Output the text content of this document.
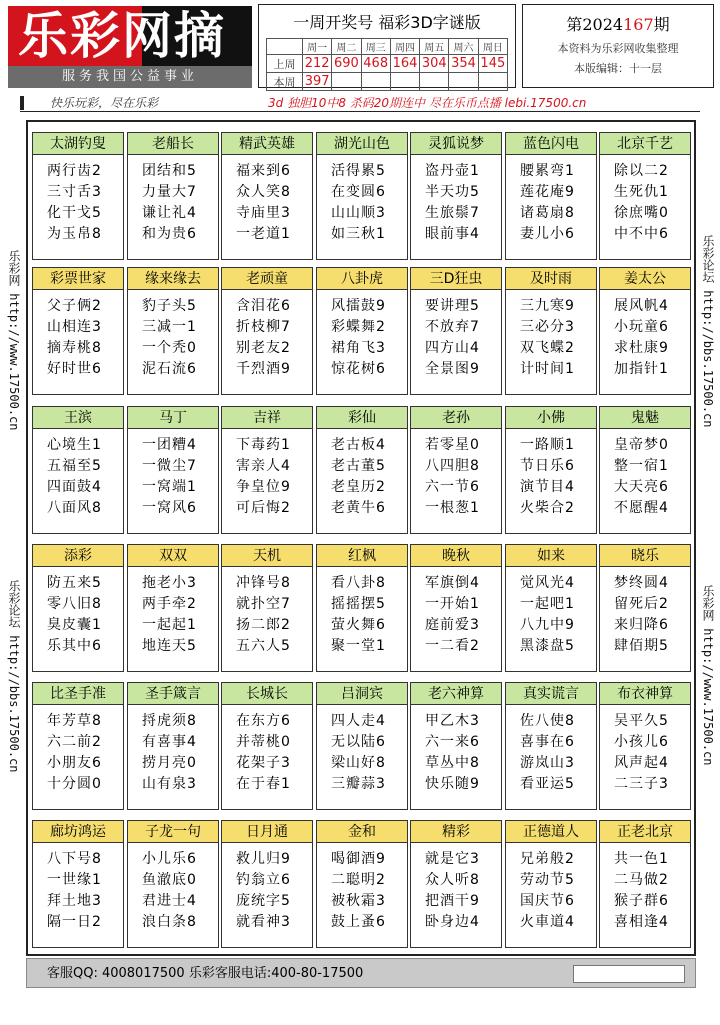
乐彩网摘
服务我国公益事业
一周开奖号 福彩3D字谜版
	周一	周二	周三	周四	周五	周六	周日
上周	212	690	468	164	304	354	145
本周	397						
第2024167期
本资料为乐彩网收集整理
本版编辑：十一层
快乐玩彩，尽在乐彩	3d 独胆10中8 杀码20期连中 尽在乐币点播 lebi.17500.cn
乐彩网 http://www.17500.cn
乐彩论坛 http://bbs.17500.cn
乐彩论坛 http://bbs.17500.cn
乐彩网 http://www.17500.cn
太湖钓叟
两行齿2
三寸舌3
化干戈5
为玉帛8
老船长
团结和5
力量大7
谦让礼4
和为贵6
精武英雄
福来到6
众人笑8
寺庙里3
一老道1
湖光山色
活得累5
在变圆6
山山顺3
如三秋1
灵狐说梦
盗丹壶1
半天功5
生旅鬃7
眼前事4
蓝色闪电
腰累弯1
莲花庵9
诸葛扇8
妻儿小6
北京千艺
除以二2
生死仇1
徐庶嘴0
中不中6
彩票世家
父子俩2
山相连3
摘寿桃8
好时世6
缘来缘去
豹子头5
三减一1
一个秃0
泥石流6
老顽童
含泪花6
折枝柳7
别老友2
千烈酒9
八卦虎
风擂鼓9
彩蝶舞2
裙角飞3
惊花树6
三D狂虫
要讲理5
不放弃7
四方山4
全景图9
及时雨
三九寒9
三必分3
双飞蝶2
计时间1
姜太公
展风帆4
小玩童6
求杜康9
加指针1
王滨
心境生1
五福至5
四面鼓4
八面风8
马丁
一团糟4
一微尘7
一窝端1
一窝风6
吉祥
下毒药1
害亲人4
争皇位9
可后悔2
彩仙
老古板4
老古董5
老皇历2
老黄牛6
老孙
若零星0
八四胆8
六一节6
一根葱1
小佛
一路顺1
节日乐6
演节目4
火柴合2
鬼魅
皇帝梦0
整一宿1
大天亮6
不愿醒4
添彩
防五来5
零八旧8
臭皮囊1
乐其中6
双双
拖老小3
两手牵2
一起起1
地连天5
天机
冲锋号8
就扑空7
扬二郎2
五六人5
红枫
看八卦8
摇摇摆5
萤火舞6
聚一堂1
晚秋
军旗倒4
一开始1
庭前爱3
一二看2
如来
觉风光4
一起吧1
八九中9
黑漆盘5
晓乐
梦终圆4
留死后2
来归降6
肆佰期5
比圣手准
年芳草8
六二前2
小朋友6
十分圆0
圣手箴言
捋虎须8
有喜事4
捞月亮0
山有泉3
长城长
在东方6
并蒂桃0
花架子3
在于春1
吕洞宾
四人走4
无以陆6
梁山好8
三瓣蒜3
老六神算
甲乙木3
六一来6
草丛中8
快乐随9
真实谎言
佐八使8
喜事在6
游岚山3
看亚运5
布衣神算
吴平久5
小孩儿6
风声起4
二三子3
廊坊鸿运
八下号8
一世缘1
拜土地3
隔一日2
子龙一句
小儿乐6
鱼澈底0
君进士4
浪白条8
日月通
救儿归9
钓翁立6
庞统字5
就看神3
金和
喝御酒9
二聪明2
被秋霜3
鼓上蚤6
精彩
就是它3
众人听8
把酒干9
卧身边4
正德道人
兄弟般2
劳动节5
国庆节6
火車道4
正老北京
共一色1
二马做2
猴子群6
喜相逢4
客服QQ: 4008017500 乐彩客服电话:400-80-17500
